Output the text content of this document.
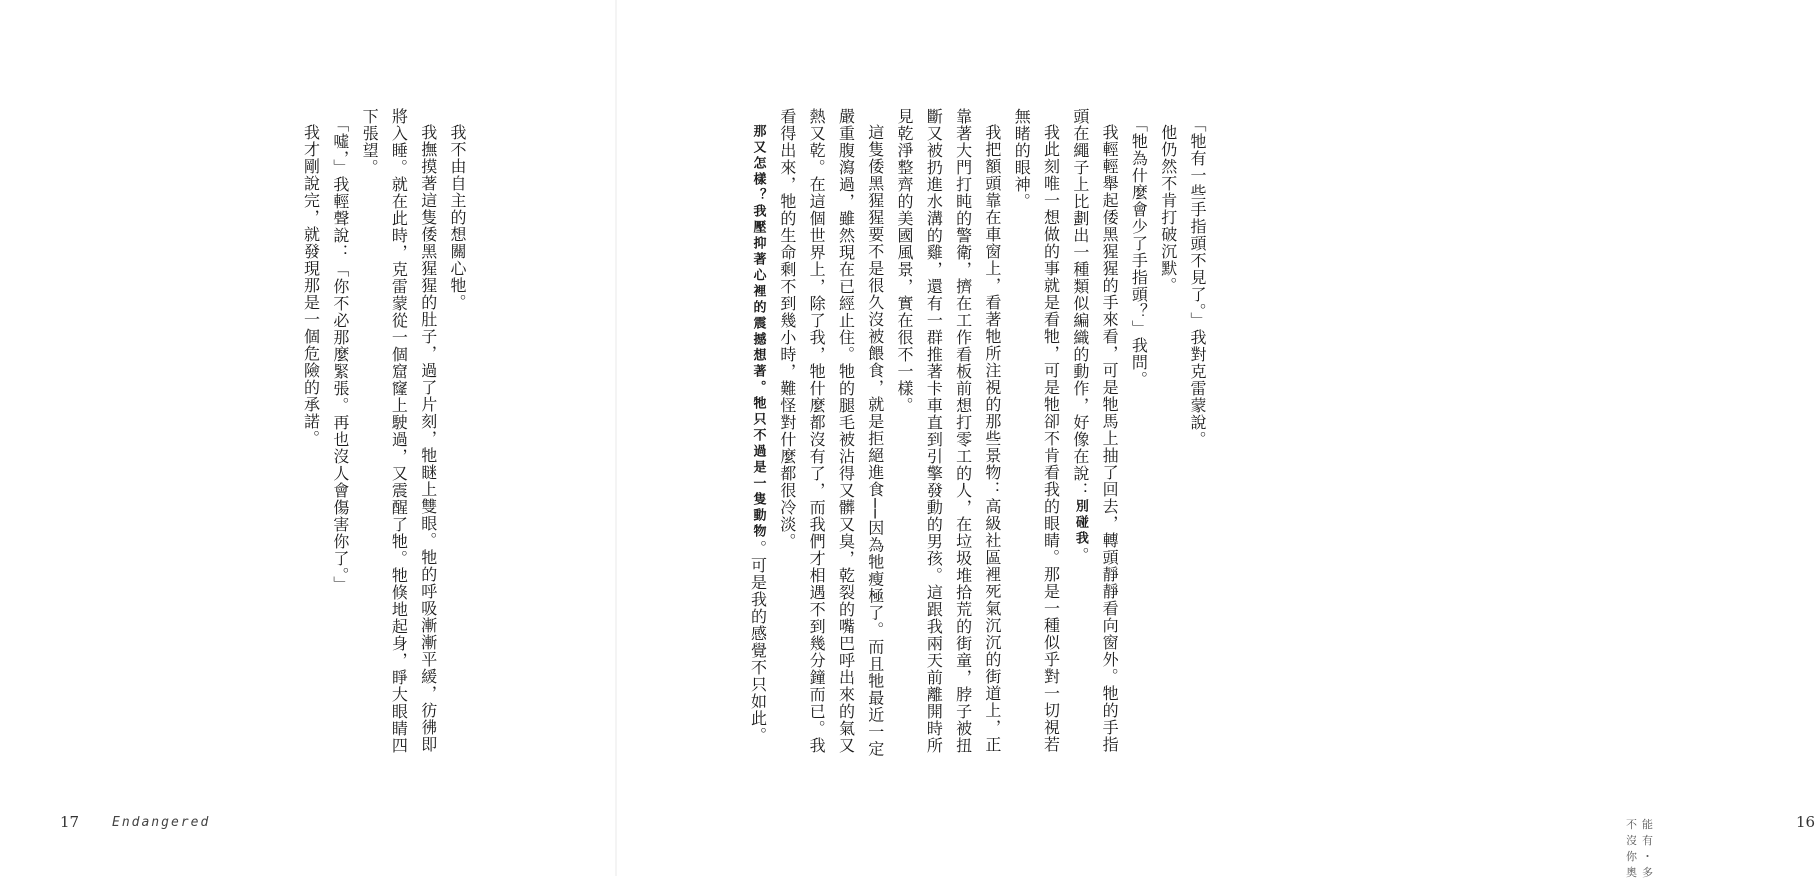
我不由自主的想關心牠。

我撫摸著這隻倭黑猩猩的肚子，過了片刻，牠瞇上雙眼。牠的呼吸漸漸平緩，彷彿即將入睡。就在此時，克雷蒙從一個窟窿上駛過，又震醒了牠。牠倏地起身，睜大眼睛四下張望。

「噓，」我輕聲說：「你不必那麼緊張。再也沒人會傷害你了。」

我才剛說完，就發現那是一個危險的承諾。

17	Endangered

「牠有一些手指頭不見了。」我對克雷蒙說。

他仍然不肯打破沉默。

「牠為什麼會少了手指頭？」我問。

我輕輕舉起倭黑猩猩的手來看，可是牠馬上抽了回去，轉頭靜靜看向窗外。牠的手指頭在繩子上比劃出一種類似編織的動作，好像在說：別碰我。

我此刻唯一想做的事就是看牠，可是牠卻不肯看我的眼睛。那是一種似乎對一切視若無睹的眼神。

我把額頭靠在車窗上，看著牠所注視的那些景物：高級社區裡死氣沉沉的街道上，正靠著大門打盹的警衛，擠在工作看板前想打零工的人，在垃圾堆拾荒的街童，脖子被扭斷又被扔進水溝的雞，還有一群推著卡車直到引擎發動的男孩。這跟我兩天前離開時所見乾淨整齊的美國風景，實在很不一樣。

這隻倭黑猩猩要不是很久沒被餵食，就是拒絕進食──因為牠瘦極了。而且牠最近一定嚴重腹瀉過，雖然現在已經止住。牠的腿毛被沾得又髒又臭，乾裂的嘴巴呼出來的氣又熱又乾。在這個世界上，除了我，牠什麼都沒有了，而我們才相遇不到幾分鐘而已。我看得出來，牠的生命剩不到幾小時，難怪對什麼都很冷淡。

那又怎樣？我壓抑著心裡的震撼想著。牠只不過是一隻動物。可是我的感覺不只如此。

不能沒有你・奧多
16
